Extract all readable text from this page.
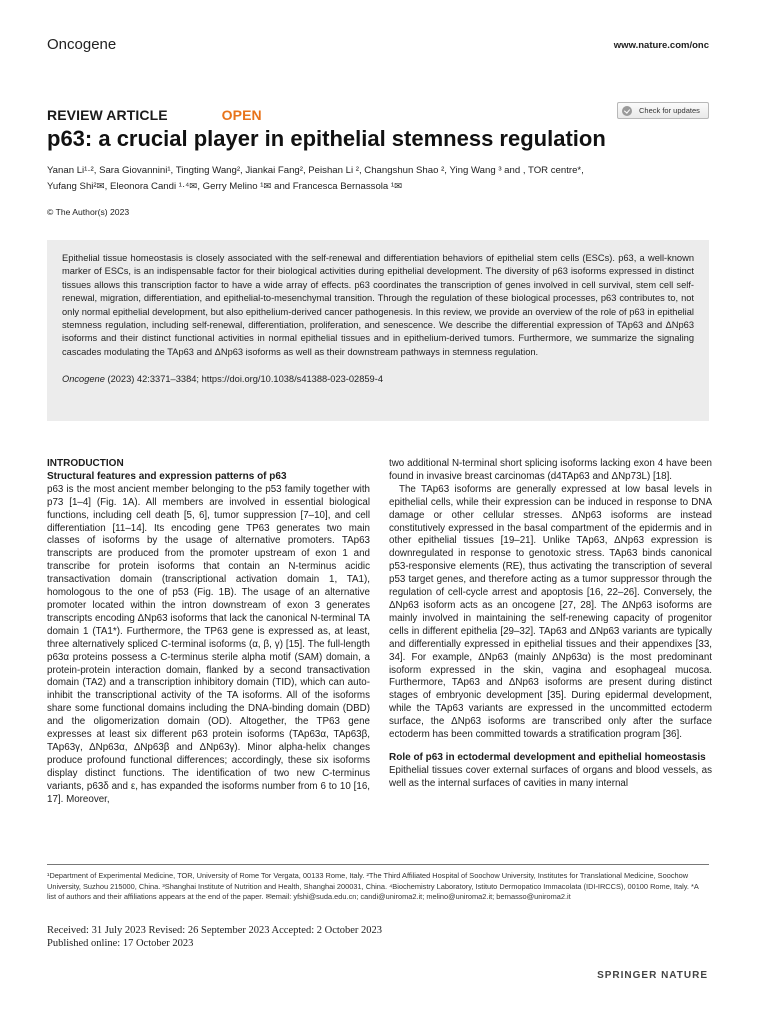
Oncogene	www.nature.com/onc
REVIEW ARTICLE	OPEN	Check for updates
p63: a crucial player in epithelial stemness regulation
Yanan Li¹·², Sara Giovannini¹, Tingting Wang², Jiankai Fang², Peishan Li ², Changshun Shao ², Ying Wang ³ and , TOR centre*,
Yufang Shi²✉, Eleonora Candi ¹·⁴✉, Gerry Melino ¹✉ and Francesca Bernassola ¹✉
© The Author(s) 2023

Epithelial tissue homeostasis is closely associated with the self-renewal and differentiation behaviors of epithelial stem cells (ESCs). p63, a well-known marker of ESCs, is an indispensable factor for their biological activities during epithelial development. The diversity of p63 isoforms expressed in distinct tissues allows this transcription factor to have a wide array of effects. p63 coordinates the transcription of genes involved in cell survival, stem cell self-renewal, migration, differentiation, and epithelial-to-mesenchymal transition. Through the regulation of these biological processes, p63 contributes to, not only normal epithelial development, but also epithelium-derived cancer pathogenesis. In this review, we provide an overview of the role of p63 in epithelial stemness regulation, including self-renewal, differentiation, proliferation, and senescence. We describe the differential expression of TAp63 and ΔNp63 isoforms and their distinct functional activities in normal epithelial tissues and in epithelium-derived tumors. Furthermore, we summarize the signaling cascades modulating the TAp63 and ΔNp63 isoforms as well as their downstream pathways in stemness regulation.

Oncogene (2023) 42:3371–3384; https://doi.org/10.1038/s41388-023-02859-4

INTRODUCTION
Structural features and expression patterns of p63

p63 is the most ancient member belonging to the p53 family together with p73 [1–4] (Fig. 1A). All members are involved in essential biological functions, including cell death [5, 6], tumor suppression [7–10], and cell differentiation [11–14]. Its encoding gene TP63 generates two main classes of isoforms by the usage of alternative promoters. TAp63 transcripts are produced from the promoter upstream of exon 1 and transcribe for protein isoforms that contain an N-terminus acidic transactivation domain (transcriptional activation domain 1, TA1), homologous to the one of p53 (Fig. 1B). The usage of an alternative promoter located within the intron downstream of exon 3 generates transcripts encoding ΔNp63 isoforms that lack the canonical N-terminal TA domain 1 (TA1*). Furthermore, the TP63 gene is expressed as, at least, three alternatively spliced C-terminal isoforms (α, β, γ) [15]. The full-length p63α proteins possess a C-terminus sterile alpha motif (SAM) domain, a protein-protein interaction domain, flanked by a second transactivation domain (TA2) and a transcription inhibitory domain (TID), which can auto-inhibit the transcriptional activity of the TA isoforms. All of the isoforms share some functional domains including the DNA-binding domain (DBD) and the oligomerization domain (OD). Altogether, the TP63 gene expresses at least six different p63 protein isoforms (TAp63α, TAp63β, TAp63γ, ΔNp63α, ΔNp63β and ΔNp63γ). Minor alpha-helix changes produce profound functional differences; accordingly, these six isoforms display distinct functions. The identification of two new C-terminus variants, p63δ and ε, has expanded the isoforms number from 6 to 10 [16, 17]. Moreover,

two additional N-terminal short splicing isoforms lacking exon 4 have been found in invasive breast carcinomas (d4TAp63 and ΔNp73L) [18].

The TAp63 isoforms are generally expressed at low basal levels in epithelial cells, while their expression can be induced in response to DNA damage or other cellular stresses. ΔNp63 isoforms are instead constitutively expressed in the basal compartment of the epidermis and in other epithelial tissues [19–21]. Unlike TAp63, ΔNp63 expression is downregulated in response to genotoxic stress. TAp63 binds canonical p53-responsive elements (RE), thus activating the transcription of several p53 target genes, and therefore acting as a tumor suppressor through the regulation of cell-cycle arrest and apoptosis [16, 22–26]. Conversely, the ΔNp63 isoform acts as an oncogene [27, 28]. The ΔNp63 isoforms are mainly involved in maintaining the self-renewing capacity of progenitor cells in different epithelia [29–32]. TAp63 and ΔNp63 variants are typically and differentially expressed in epithelial tissues and their appendixes [33, 34]. For example, ΔNp63 (mainly ΔNp63α) is the most predominant isoform expressed in the skin, vagina and esophageal mucosa. Furthermore, TAp63 and ΔNp63 isoforms are present during distinct stages of embryonic development [35]. During epidermal development, while the TAp63 variants are expressed in the uncommitted ectoderm surface, the ΔNp63 isoforms are transcribed only after the surface ectoderm has been committed towards a stratification program [36].

Role of p63 in ectodermal development and epithelial homeostasis

Epithelial tissues cover external surfaces of organs and blood vessels, as well as the internal surfaces of cavities in many internal

¹Department of Experimental Medicine, TOR, University of Rome Tor Vergata, 00133 Rome, Italy. ²The Third Affiliated Hospital of Soochow University, Institutes for Translational Medicine, Soochow University, Suzhou 215000, China. ³Shanghai Institute of Nutrition and Health, Shanghai 200031, China. ⁴Biochemistry Laboratory, Istituto Dermopatico Immacolata (IDI-IRCCS), 00100 Rome, Italy. *A list of authors and their affiliations appears at the end of the paper. ✉email: yfshi@suda.edu.cn; candi@uniroma2.it; melino@uniroma2.it; bernasso@uniroma2.it
Received: 31 July 2023 Revised: 26 September 2023 Accepted: 2 October 2023
Published online: 17 October 2023
SPRINGER NATURE
